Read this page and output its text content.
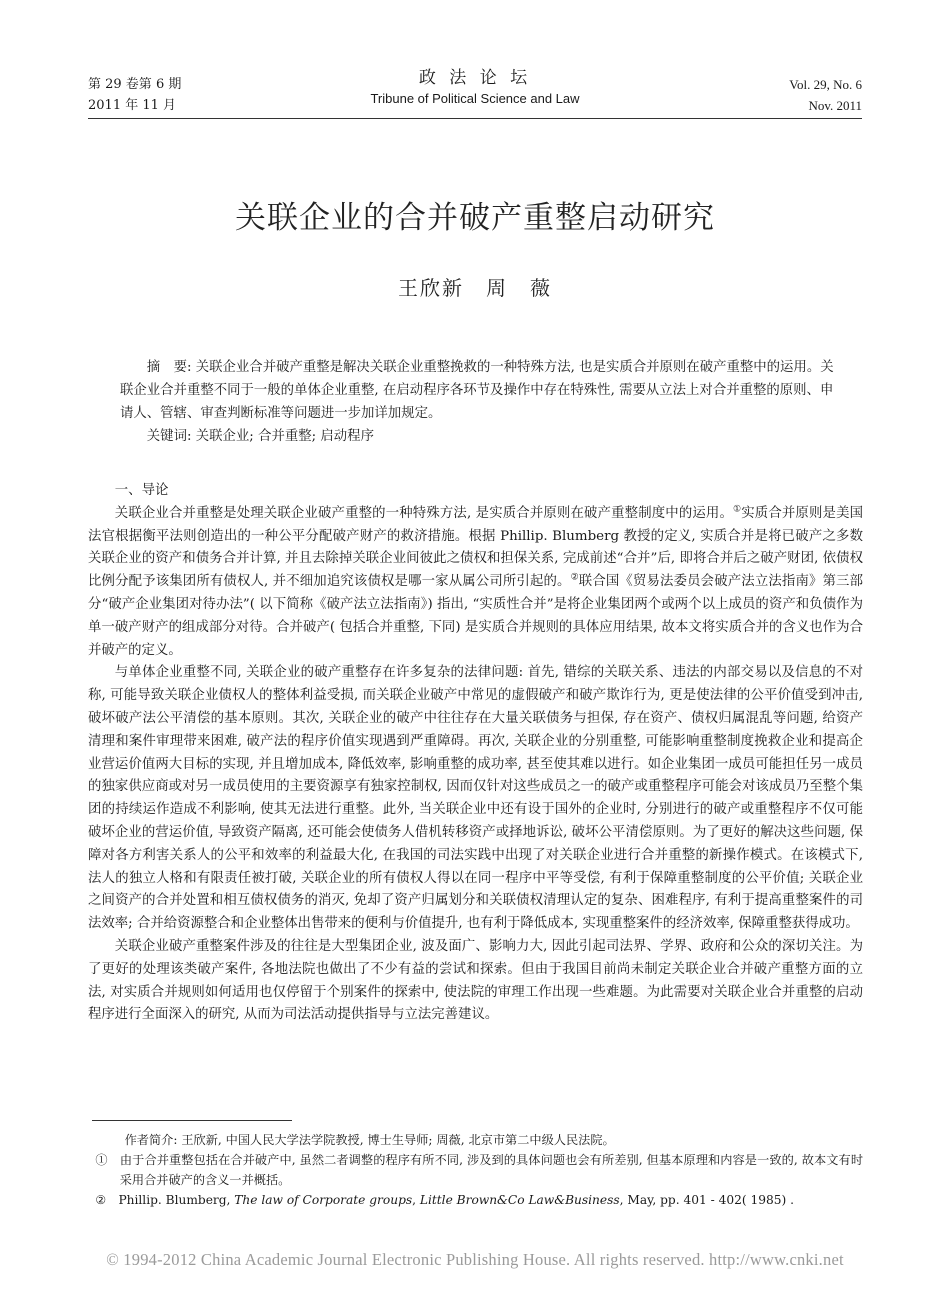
第 29 卷第 6 期
2011 年 11 月
政 法 论 坛
Tribune of Political Science and Law
Vol. 29, No. 6
Nov. 2011
关联企业的合并破产重整启动研究
王欣新　周　薇

摘　要: 关联企业合并破产重整是解决关联企业重整挽救的一种特殊方法, 也是实质合并原则在破产重整中的运用。关联企业合并重整不同于一般的单体企业重整, 在启动程序各环节及操作中存在特殊性, 需要从立法上对合并重整的原则、申请人、管辖、审查判断标准等问题进一步加详加规定。

关键词: 关联企业; 合并重整; 启动程序

一、导论

关联企业合并重整是处理关联企业破产重整的一种特殊方法, 是实质合并原则在破产重整制度中的运用。①实质合并原则是美国法官根据衡平法则创造出的一种公平分配破产财产的救济措施。根据 Phillip. Blumberg 教授的定义, 实质合并是将已破产之多数关联企业的资产和债务合并计算, 并且去除掉关联企业间彼此之债权和担保关系, 完成前述“合并”后, 即将合并后之破产财团, 依债权比例分配予该集团所有债权人, 并不细加追究该债权是哪一家从属公司所引起的。②联合国《贸易法委员会破产法立法指南》第三部分“破产企业集团对待办法”( 以下简称《破产法立法指南》) 指出, “实质性合并”是将企业集团两个或两个以上成员的资产和负债作为单一破产财产的组成部分对待。合并破产( 包括合并重整, 下同) 是实质合并规则的具体应用结果, 故本文将实质合并的含义也作为合并破产的定义。

与单体企业重整不同, 关联企业的破产重整存在许多复杂的法律问题: 首先, 错综的关联关系、违法的内部交易以及信息的不对称, 可能导致关联企业债权人的整体利益受损, 而关联企业破产中常见的虚假破产和破产欺诈行为, 更是使法律的公平价值受到冲击, 破坏破产法公平清偿的基本原则。其次, 关联企业的破产中往往存在大量关联债务与担保, 存在资产、债权归属混乱等问题, 给资产清理和案件审理带来困难, 破产法的程序价值实现遇到严重障碍。再次, 关联企业的分别重整, 可能影响重整制度挽救企业和提高企业营运价值两大目标的实现, 并且增加成本, 降低效率, 影响重整的成功率, 甚至使其难以进行。如企业集团一成员可能担任另一成员的独家供应商或对另一成员使用的主要资源享有独家控制权, 因而仅针对这些成员之一的破产或重整程序可能会对该成员乃至整个集团的持续运作造成不利影响, 使其无法进行重整。此外, 当关联企业中还有设于国外的企业时, 分别进行的破产或重整程序不仅可能破坏企业的营运价值, 导致资产隔离, 还可能会使债务人借机转移资产或择地诉讼, 破坏公平清偿原则。为了更好的解决这些问题, 保障对各方利害关系人的公平和效率的利益最大化, 在我国的司法实践中出现了对关联企业进行合并重整的新操作模式。在该模式下, 法人的独立人格和有限责任被打破, 关联企业的所有债权人得以在同一程序中平等受偿, 有利于保障重整制度的公平价值; 关联企业之间资产的合并处置和相互债权债务的消灭, 免却了资产归属划分和关联债权清理认定的复杂、困难程序, 有利于提高重整案件的司法效率; 合并给资源整合和企业整体出售带来的便利与价值提升, 也有利于降低成本, 实现重整案件的经济效率, 保障重整获得成功。

关联企业破产重整案件涉及的往往是大型集团企业, 波及面广、影响力大, 因此引起司法界、学界、政府和公众的深切关注。为了更好的处理该类破产案件, 各地法院也做出了不少有益的尝试和探索。但由于我国目前尚未制定关联企业合并破产重整方面的立法, 对实质合并规则如何适用也仅停留于个别案件的探索中, 使法院的审理工作出现一些难题。为此需要对关联企业合并重整的启动程序进行全面深入的研究, 从而为司法活动提供指导与立法完善建议。

作者简介: 王欣新, 中国人民大学法学院教授, 博士生导师; 周薇, 北京市第二中级人民法院。

①　 由于合并重整包括在合并破产中, 虽然二者调整的程序有所不同, 涉及到的具体问题也会有所差别, 但基本原理和内容是一致的, 故本文有时采用合并破产的含义一并概括。

②　 Phillip. Blumberg, The law of Corporate groups, Little Brown&Co Law&Business, May, pp. 401 - 402( 1985) .

© 1994-2012 China Academic Journal Electronic Publishing House. All rights reserved. http://www.cnki.net
